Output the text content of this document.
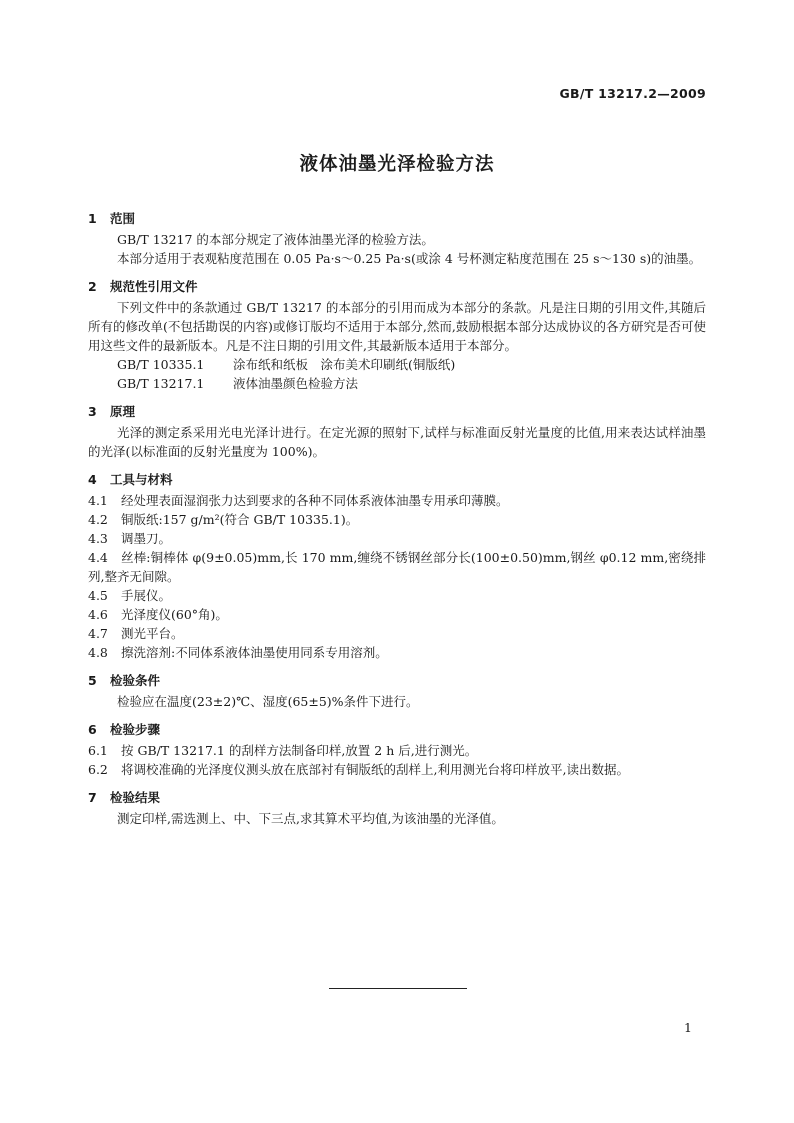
GB/T 13217.2—2009
液体油墨光泽检验方法
1 范围

GB/T 13217 的本部分规定了液体油墨光泽的检验方法。

本部分适用于表观粘度范围在 0.05 Pa·s～0.25 Pa·s(或涂 4 号杯测定粘度范围在 25 s～130 s)的油墨。

2 规范性引用文件

下列文件中的条款通过 GB/T 13217 的本部分的引用而成为本部分的条款。凡是注日期的引用文件,其随后所有的修改单(不包括勘误的内容)或修订版均不适用于本部分,然而,鼓励根据本部分达成协议的各方研究是否可使用这些文件的最新版本。凡是不注日期的引用文件,其最新版本适用于本部分。

GB/T 10335.1 涂布纸和纸板　涂布美术印刷纸(铜版纸)

GB/T 13217.1 液体油墨颜色检验方法

3 原理

光泽的测定系采用光电光泽计进行。在定光源的照射下,试样与标准面反射光量度的比值,用来表达试样油墨的光泽(以标准面的反射光量度为 100%)。

4 工具与材料

4.1 经处理表面湿润张力达到要求的各种不同体系液体油墨专用承印薄膜。

4.2 铜版纸:157 g/m²(符合 GB/T 10335.1)。

4.3 调墨刀。

4.4 丝棒:铜棒体 φ(9±0.05)mm,长 170 mm,缠绕不锈钢丝部分长(100±0.50)mm,钢丝 φ0.12 mm,密绕排列,整齐无间隙。

4.5 手展仪。

4.6 光泽度仪(60°角)。

4.7 测光平台。

4.8 擦洗溶剂:不同体系液体油墨使用同系专用溶剂。

5 检验条件

检验应在温度(23±2)℃、湿度(65±5)%条件下进行。

6 检验步骤

6.1 按 GB/T 13217.1 的刮样方法制备印样,放置 2 h 后,进行测光。

6.2 将调校准确的光泽度仪测头放在底部衬有铜版纸的刮样上,利用测光台将印样放平,读出数据。

7 检验结果

测定印样,需选测上、中、下三点,求其算术平均值,为该油墨的光泽值。

1
